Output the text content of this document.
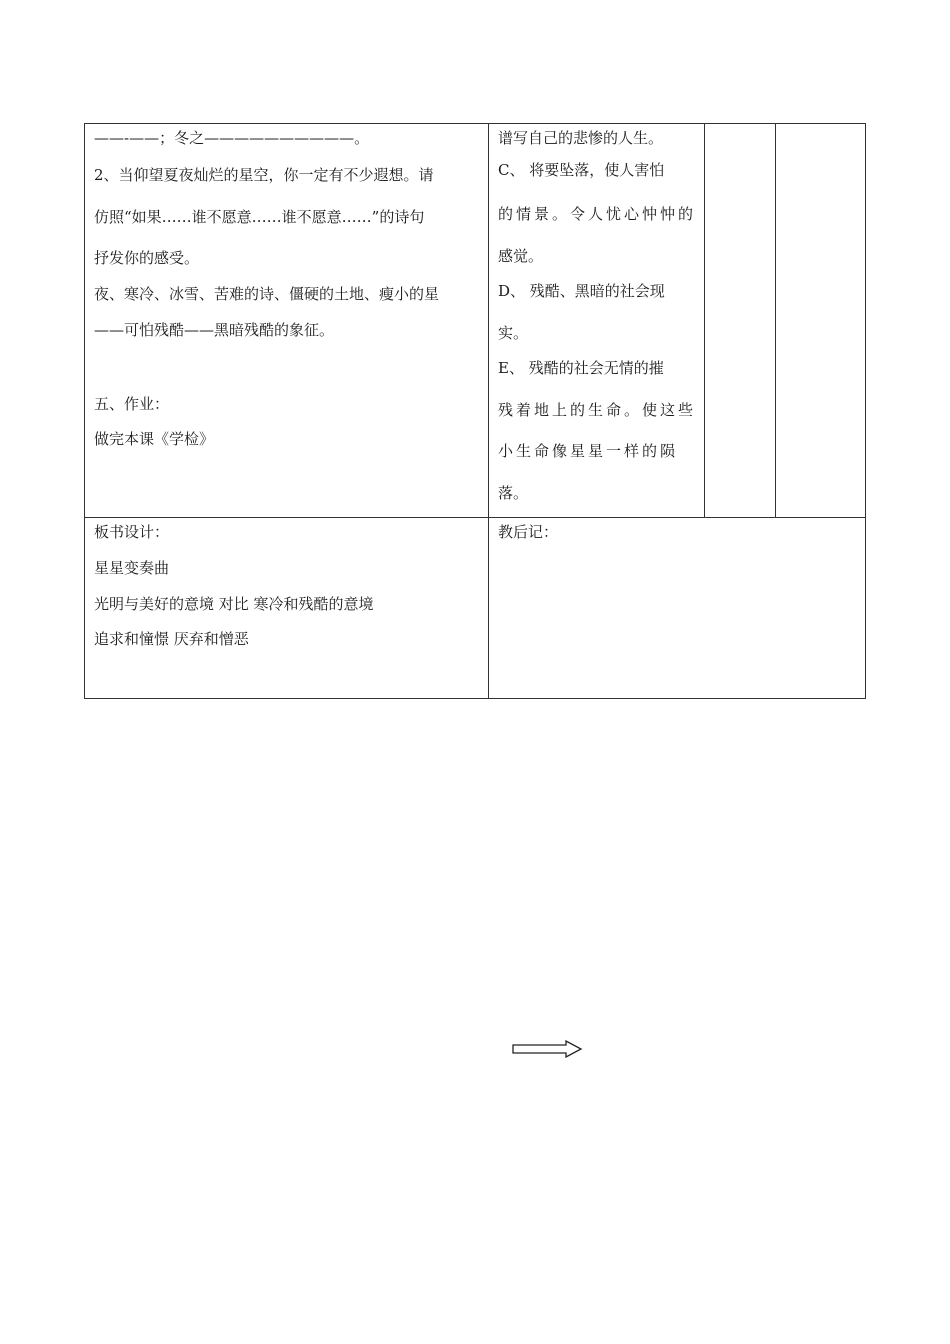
——-——；冬之——————————。
2、当仰望夏夜灿烂的星空，你一定有不少遐想。请
仿照“如果……谁不愿意……谁不愿意……”的诗句
抒发你的感受。
夜、寒冷、冰雪、苦难的诗、僵硬的土地、瘦小的星
——可怕残酷——黑暗残酷的象征。
五、作业：
做完本课《学检》
谱写自己的悲惨的人生。
C、 将要坠落，使人害怕
的情景。令人忧心忡忡的
感觉。
D、 残酷、黑暗的社会现
实。
E、 残酷的社会无情的摧
残着地上的生命。使这些
小生命像星星一样的陨
落。
板书设计：
星星变奏曲
光明与美好的意境 对比 寒冷和残酷的意境
追求和憧憬 厌弃和憎恶
教后记：
